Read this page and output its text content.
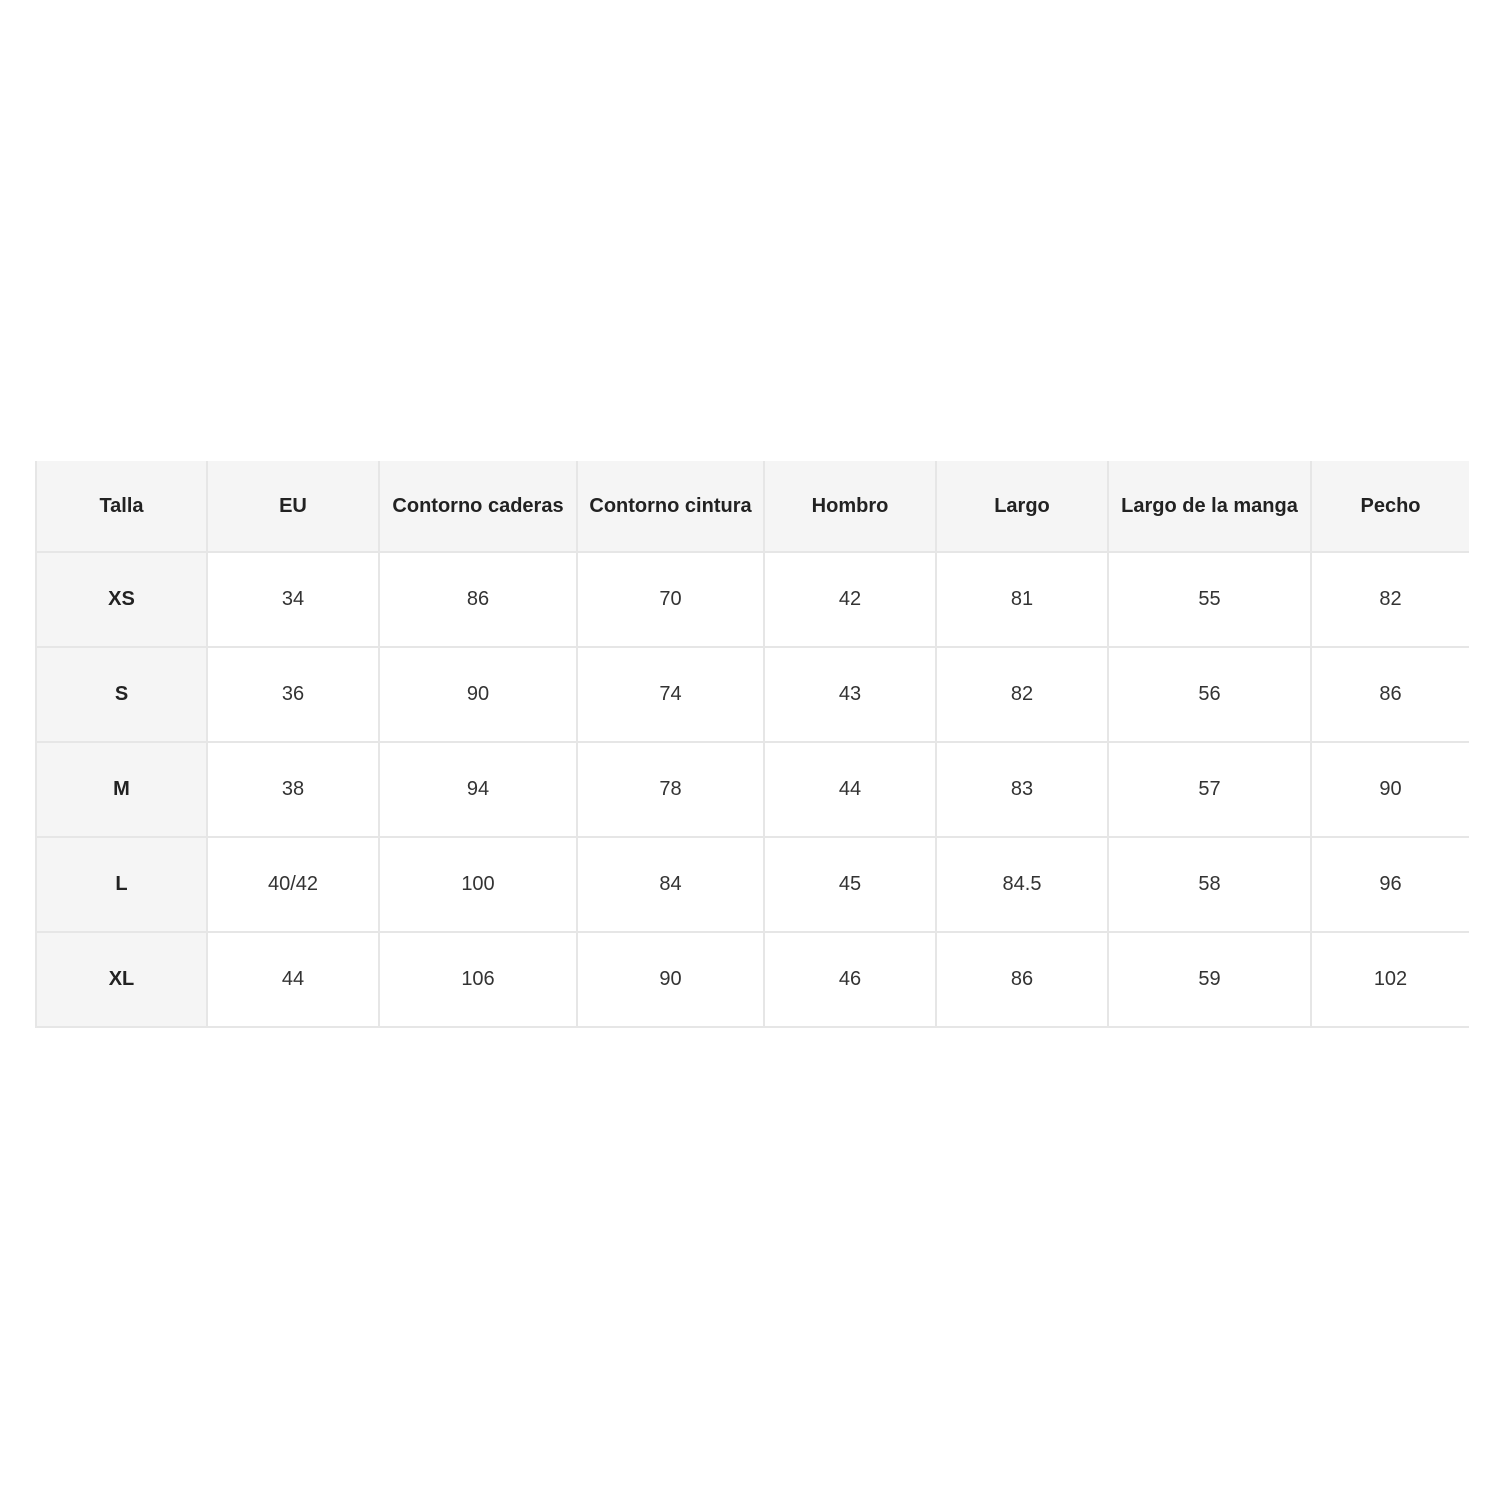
Talla	EU	Contorno caderas	Contorno cintura	Hombro	Largo	Largo de la manga	Pecho
XS	34	86	70	42	81	55	82
S	36	90	74	43	82	56	86
M	38	94	78	44	83	57	90
L	40/42	100	84	45	84.5	58	96
XL	44	106	90	46	86	59	102
